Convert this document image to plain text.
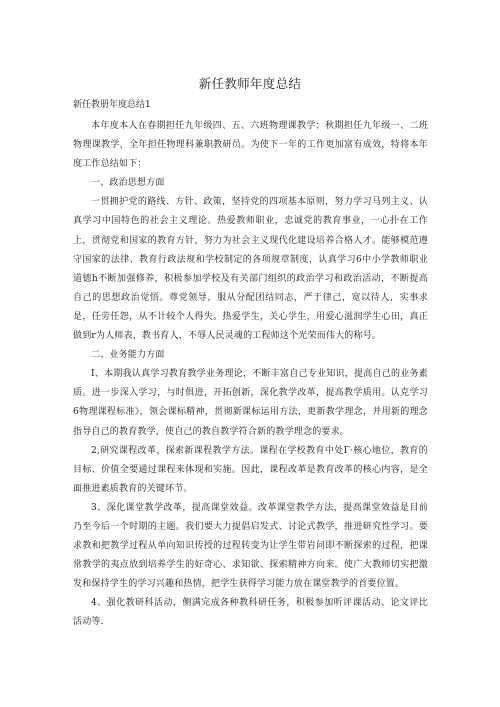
新任教师年度总结

新任教册年度总结1

本年度本人在春期担任九年级四、五、六班物理课教学；秋期担任九年级一、二班物理课教学，全年担任物理科兼职教研员。为使下一年的工作更加富有成效，特将本年度工作总结如下：

一、政治思想方面

一贯拥护党的路线、方针、政策，坚持党的四项基本原则，努力学习马列主义、认真学习中国特色的社会主义理论。热爱教师职业，忠诚党的教育事业，一心扑在工作上，贯彻党和国家的教育方针，努力为社会主义现代化建设培养合格人才。能够模范遵守国家的法律、教育行政法规和学校制定的各项规章制度，认真学习6中小学教师职业道德h不断加强修养，积极参加学校及有关部门组织的政治学习和政治活动，不断提高自己的思想政治觉悟。尊党领导，服从分配团结同志，严于律己，宽以待人，实事求是，任劳任怨，从不计较个人得失。热爱学生，关心学生，用爱心滋润学生心田，真正做到r为人师表，教书育人，不辱人民灵魂的工程师这个光荣而伟大的称号。

二、业务能力方面

I、本期我认真学习教育教学业务理论，不断丰富自己专业知识，提高自己的业务素质。进一步深入学习，与时俱进，开拓创新，深化教学改革，提高教学质用。认克学习6物理课程标准》，领会课标精神，贯彻新课标运用方法，更新教学理念，并用新的理念指导自己的教育教学，使自己的教自教学符合新的教学理念的要求。

2,研究课程改革，探索新课程教学方法。课程在学校教育中处Γ·核心地位，教育的目标、价值全要通过课程来体现和实施。因此，课程改革是教育改革的核心内容，是全面推进素质教育的关键环节。

3、深化课堂教学改革，提高课堂效益。改革课堂教学方法，提高课堂效益是目前乃至今后一个时期的主题。我们要大力提倡启发式、讨论式教学，推进研究性学习。要求教和把教学过程从单向知识传授的过程转变为让学生带岩问即不断探索的过程，把课常教学的夷点放到培养学生的好奇心、求知欲、探索精神方向来。使广大教师切实把激发和保持学生的学习兴趣和热情，把学生获得学习能力放在课堂教学的首要位置。

4、强化教研科活动，侧满完成各种教科研任务，积极参加听评课活动、论文评比活动等.
